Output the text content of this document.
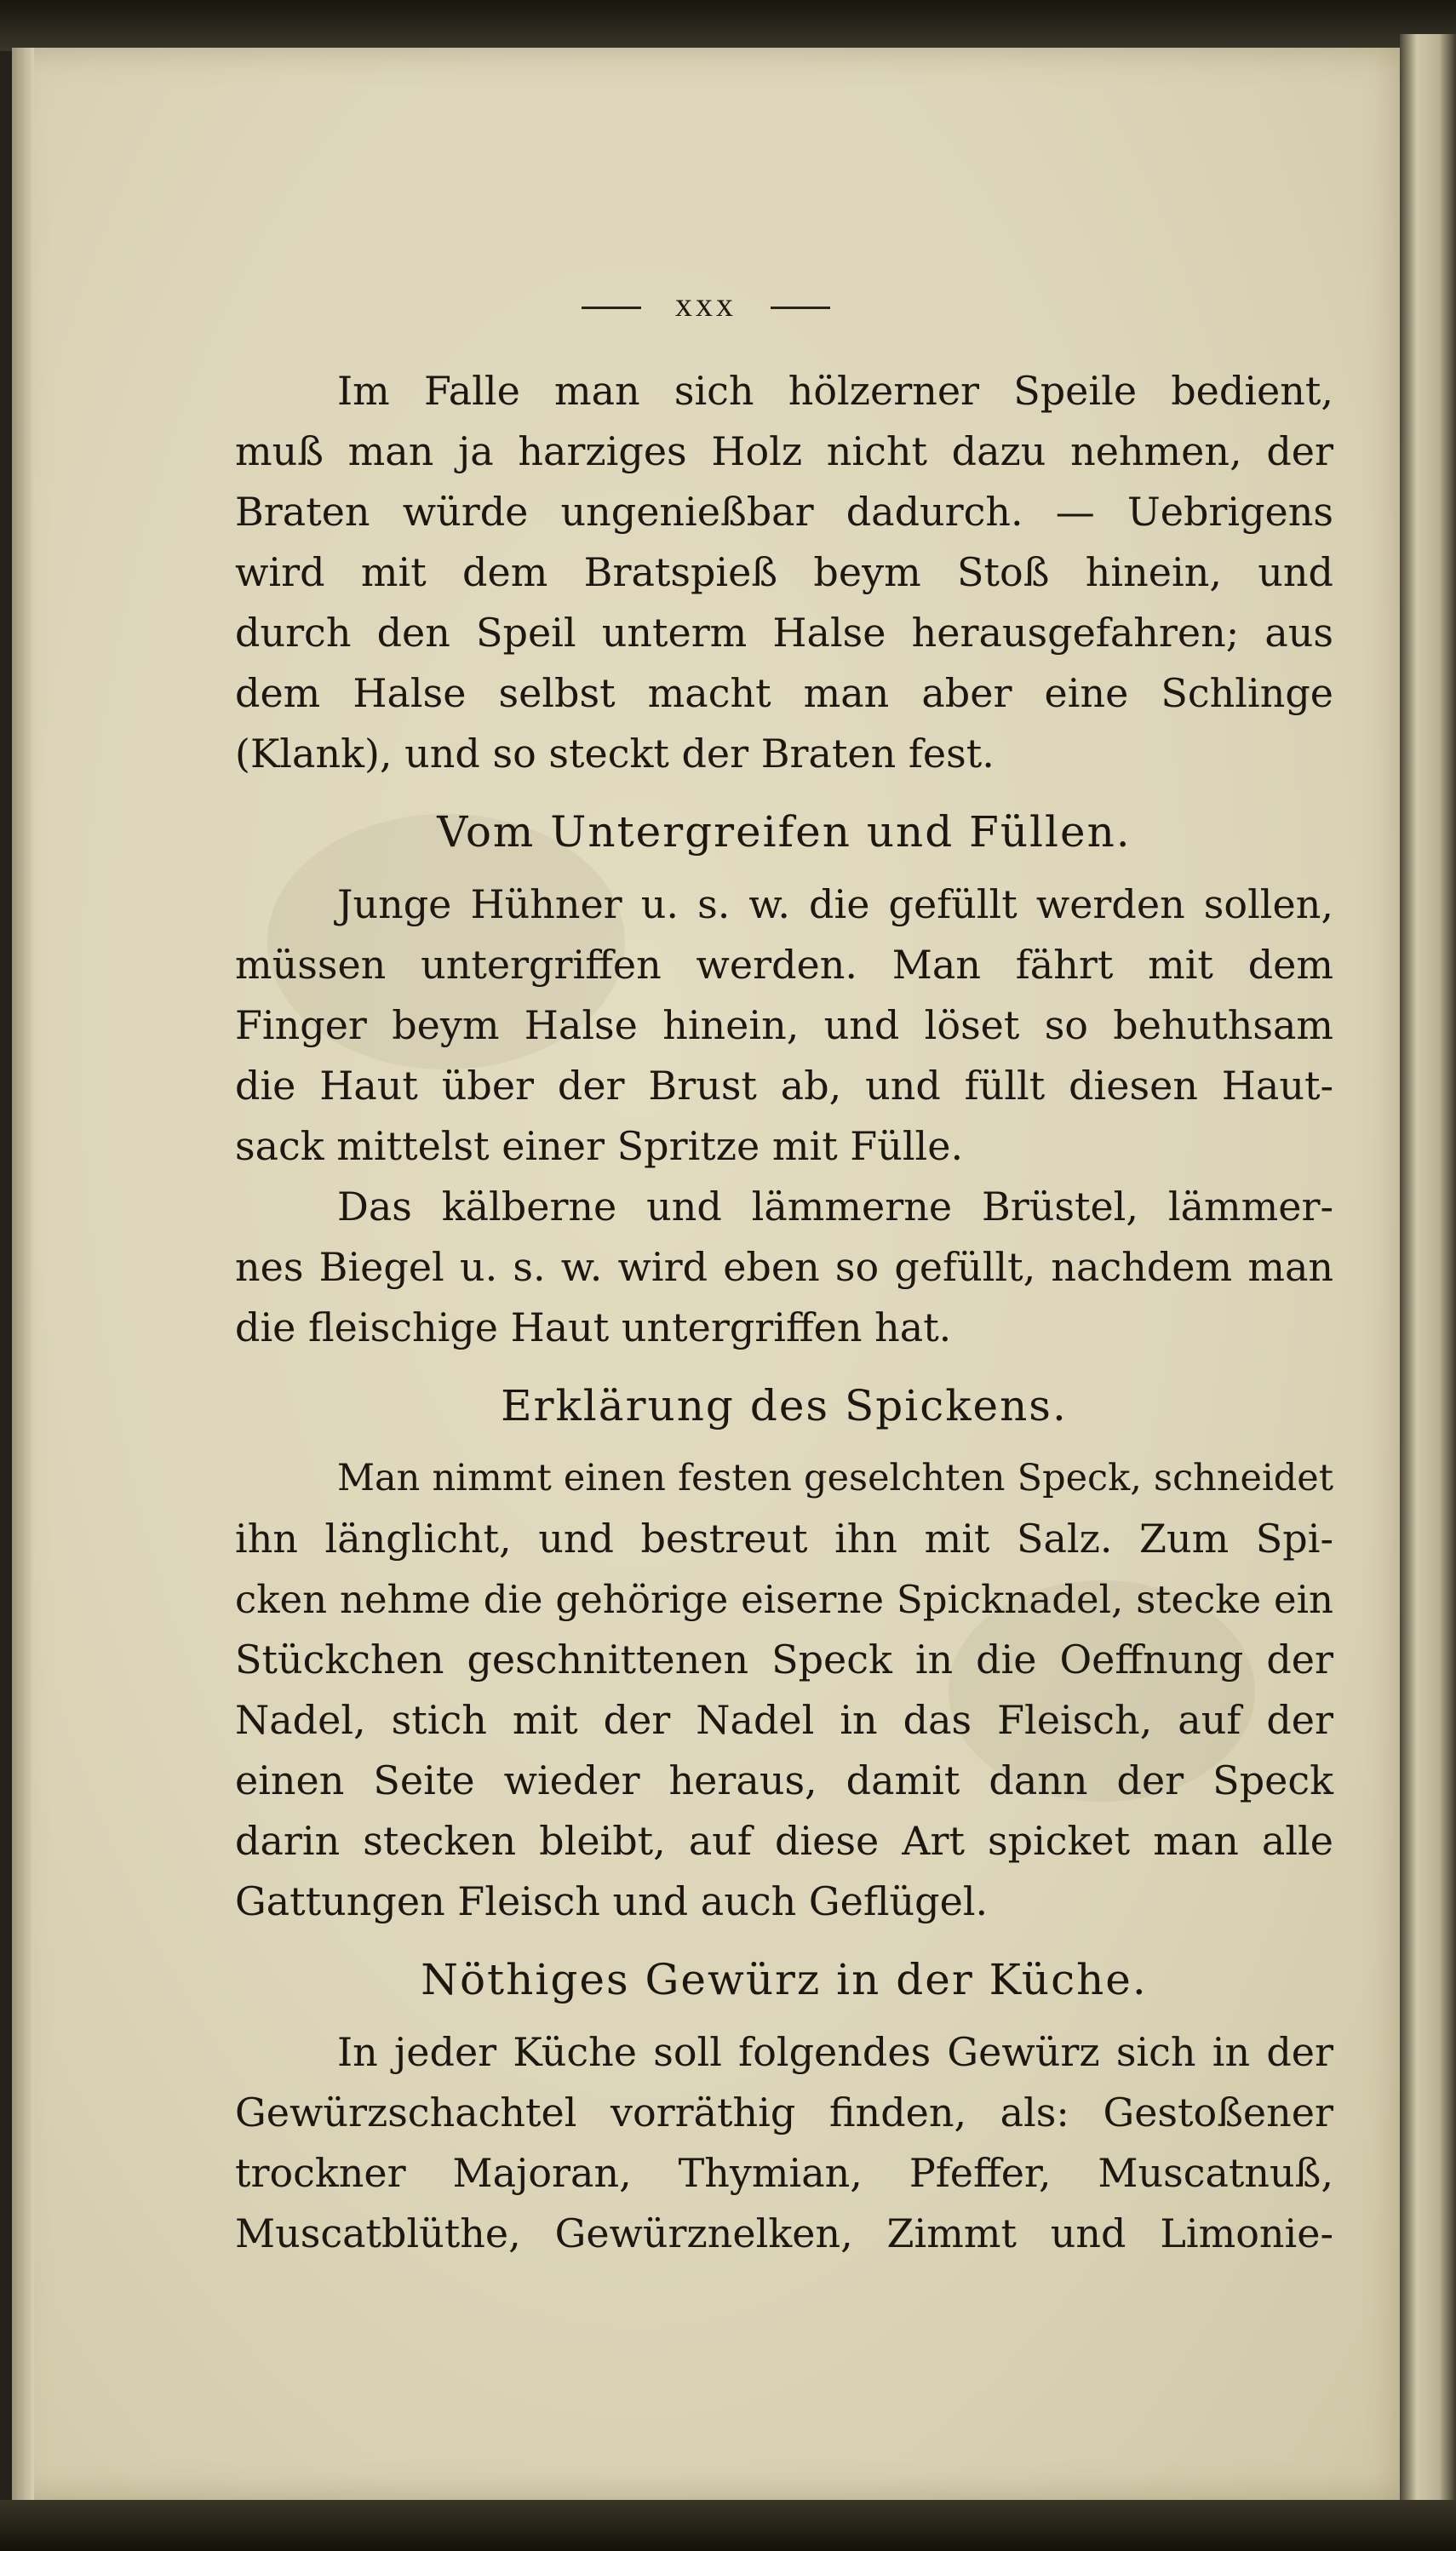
xxx
Im Falle man sich hölzerner Speile bedient,
muß man ja harziges Holz nicht dazu nehmen, der
Braten würde ungenießbar dadurch. — Uebrigens
wird mit dem Bratspieß beym Stoß hinein, und
durch den Speil unterm Halse herausgefahren; aus
dem Halse selbst macht man aber eine Schlinge
(Klank), und so steckt der Braten fest.
Vom Untergreifen und Füllen.
Junge Hühner u. s. w. die gefüllt werden sollen,
müssen untergriffen werden. Man fährt mit dem
Finger beym Halse hinein, und löset so behuthsam
die Haut über der Brust ab, und füllt diesen Haut-
sack mittelst einer Spritze mit Fülle.
Das kälberne und lämmerne Brüstel, lämmer-
nes Biegel u. s. w. wird eben so gefüllt, nachdem man
die fleischige Haut untergriffen hat.
Erklärung des Spickens.
Man nimmt einen festen geselchten Speck, schneidet
ihn länglicht, und bestreut ihn mit Salz. Zum Spi-
cken nehme die gehörige eiserne Spicknadel, stecke ein
Stückchen geschnittenen Speck in die Oeffnung der
Nadel, stich mit der Nadel in das Fleisch, auf der
einen Seite wieder heraus, damit dann der Speck
darin stecken bleibt, auf diese Art spicket man alle
Gattungen Fleisch und auch Geflügel.
Nöthiges Gewürz in der Küche.
In jeder Küche soll folgendes Gewürz sich in der
Gewürzschachtel vorräthig finden, als: Gestoßener
trockner Majoran, Thymian, Pfeffer, Muscatnuß,
Muscatblüthe, Gewürznelken, Zimmt und Limonie-
